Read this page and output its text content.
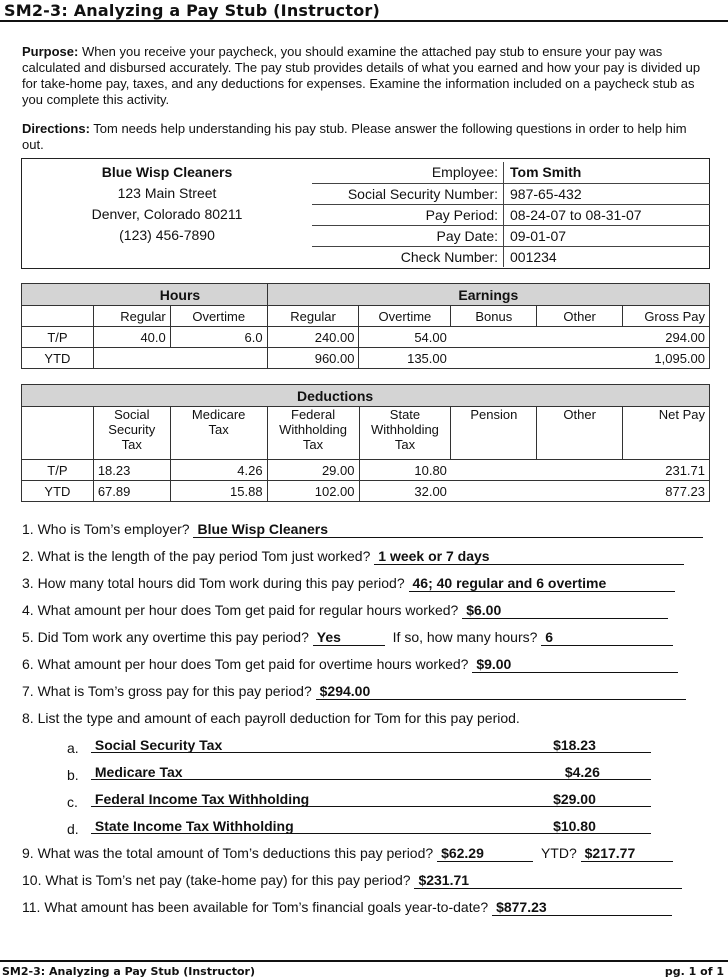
SM2-3: Analyzing a Pay Stub (Instructor)
Purpose: When you receive your paycheck, you should examine the attached pay stub to ensure your pay was calculated and disbursed accurately. The pay stub provides details of what you earned and how your pay is divided up for take-home pay, taxes, and any deductions for expenses. Examine the information included on a paycheck stub as you complete this activity.
Directions: Tom needs help understanding his pay stub. Please answer the following questions in order to help him out.
Blue Wisp Cleaners
123 Main Street
Denver, Colorado 80211
(123) 456-7890
Employee: Tom Smith
Social Security Number: 987-65-432
Pay Period: 08-24-07 to 08-31-07
Pay Date: 09-01-07
Check Number: 001234
	Hours		Earnings				
	Regular	Overtime	Regular	Overtime	Bonus	Other	Gross Pay
T/P	40.0	6.0	240.00	54.00			294.00
YTD			960.00	135.00			1,095.00
			Deductions				
	Social
Security
Tax	Medicare
Tax	Federal
Withholding
Tax	State
Withholding
Tax	Pension	Other	Net Pay
T/P	18.23	4.26	29.00	10.80			231.71
YTD	67.89	15.88	102.00	32.00			877.23
1. Who is Tom’s employer? Blue Wisp Cleaners
2. What is the length of the pay period Tom just worked? 1 week or 7 days
3. How many total hours did Tom work during this pay period? 46; 40 regular and 6 overtime
4. What amount per hour does Tom get paid for regular hours worked? $6.00
5. Did Tom work any overtime this pay period? Yes	If so, how many hours? 6
6. What amount per hour does Tom get paid for overtime hours worked? $9.00
7. What is Tom’s gross pay for this pay period? $294.00
8. List the type and amount of each payroll deduction for Tom for this pay period.
a. Social Security Tax	$18.23
b. Medicare Tax	$4.26
c. Federal Income Tax Withholding	$29.00
d. State Income Tax Withholding	$10.80
9. What was the total amount of Tom’s deductions this pay period? $62.29	YTD? $217.77
10. What is Tom’s net pay (take-home pay) for this pay period? $231.71
11. What amount has been available for Tom’s financial goals year-to-date? $877.23
SM2-3: Analyzing a Pay Stub (Instructor)	pg. 1 of 1
